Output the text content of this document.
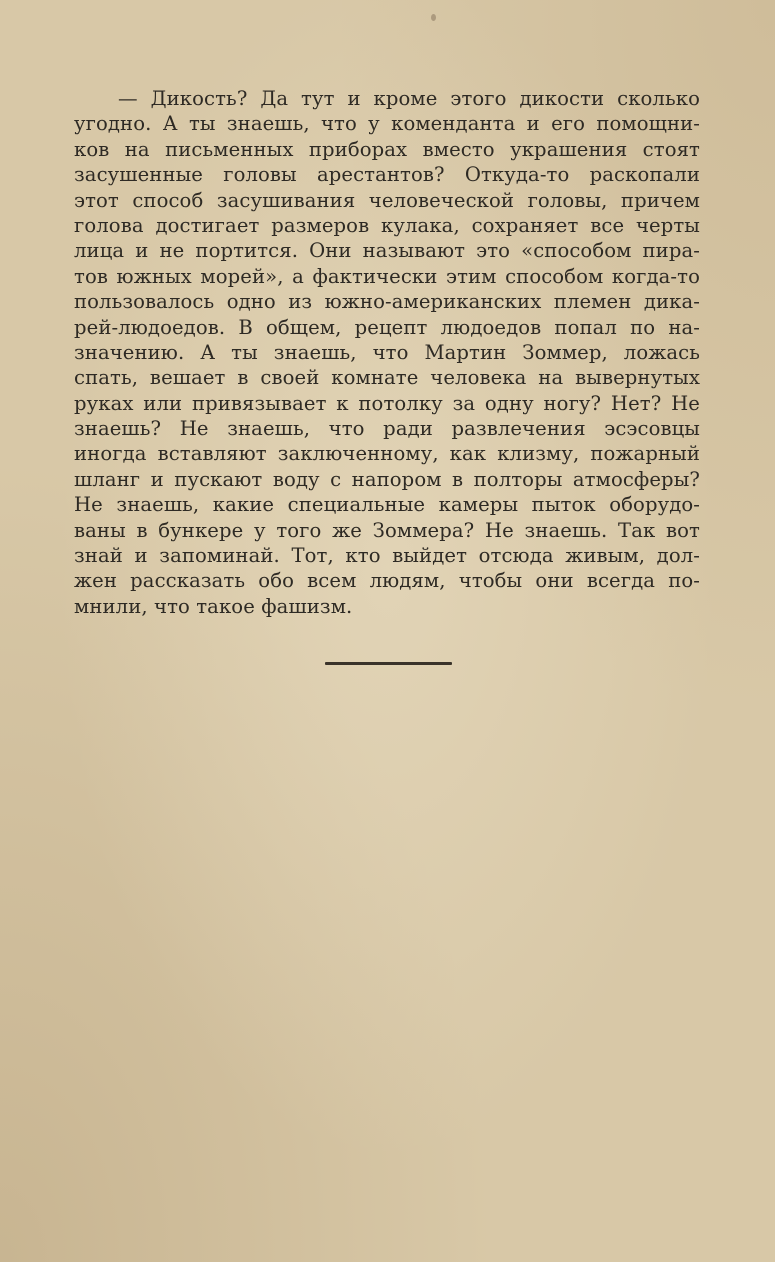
— Дикость? Да тут и кроме этого дикости сколько
угодно. А ты знаешь, что у коменданта и его помощни-
ков на письменных приборах вместо украшения стоят
засушенные головы арестантов? Откуда-то раскопали
этот способ засушивания человеческой головы, причем
голова достигает размеров кулака, сохраняет все черты
лица и не портится. Они называют это «способом пира-
тов южных морей», а фактически этим способом когда-то
пользовалось одно из южно-американских племен дика-
рей-людоедов. В общем, рецепт людоедов попал по на-
значению. А ты знаешь, что Мартин Зоммер, ложась
спать, вешает в своей комнате человека на вывернутых
руках или привязывает к потолку за одну ногу? Нет? Не
знаешь? Не знаешь, что ради развлечения эсэсовцы
иногда вставляют заключенному, как клизму, пожарный
шланг и пускают воду с напором в полторы атмосферы?
Не знаешь, какие специальные камеры пыток оборудо-
ваны в бункере у того же Зоммера? Не знаешь. Так вот
знай и запоминай. Тот, кто выйдет отсюда живым, дол-
жен рассказать обо всем людям, чтобы они всегда по-
мнили, что такое фашизм.
